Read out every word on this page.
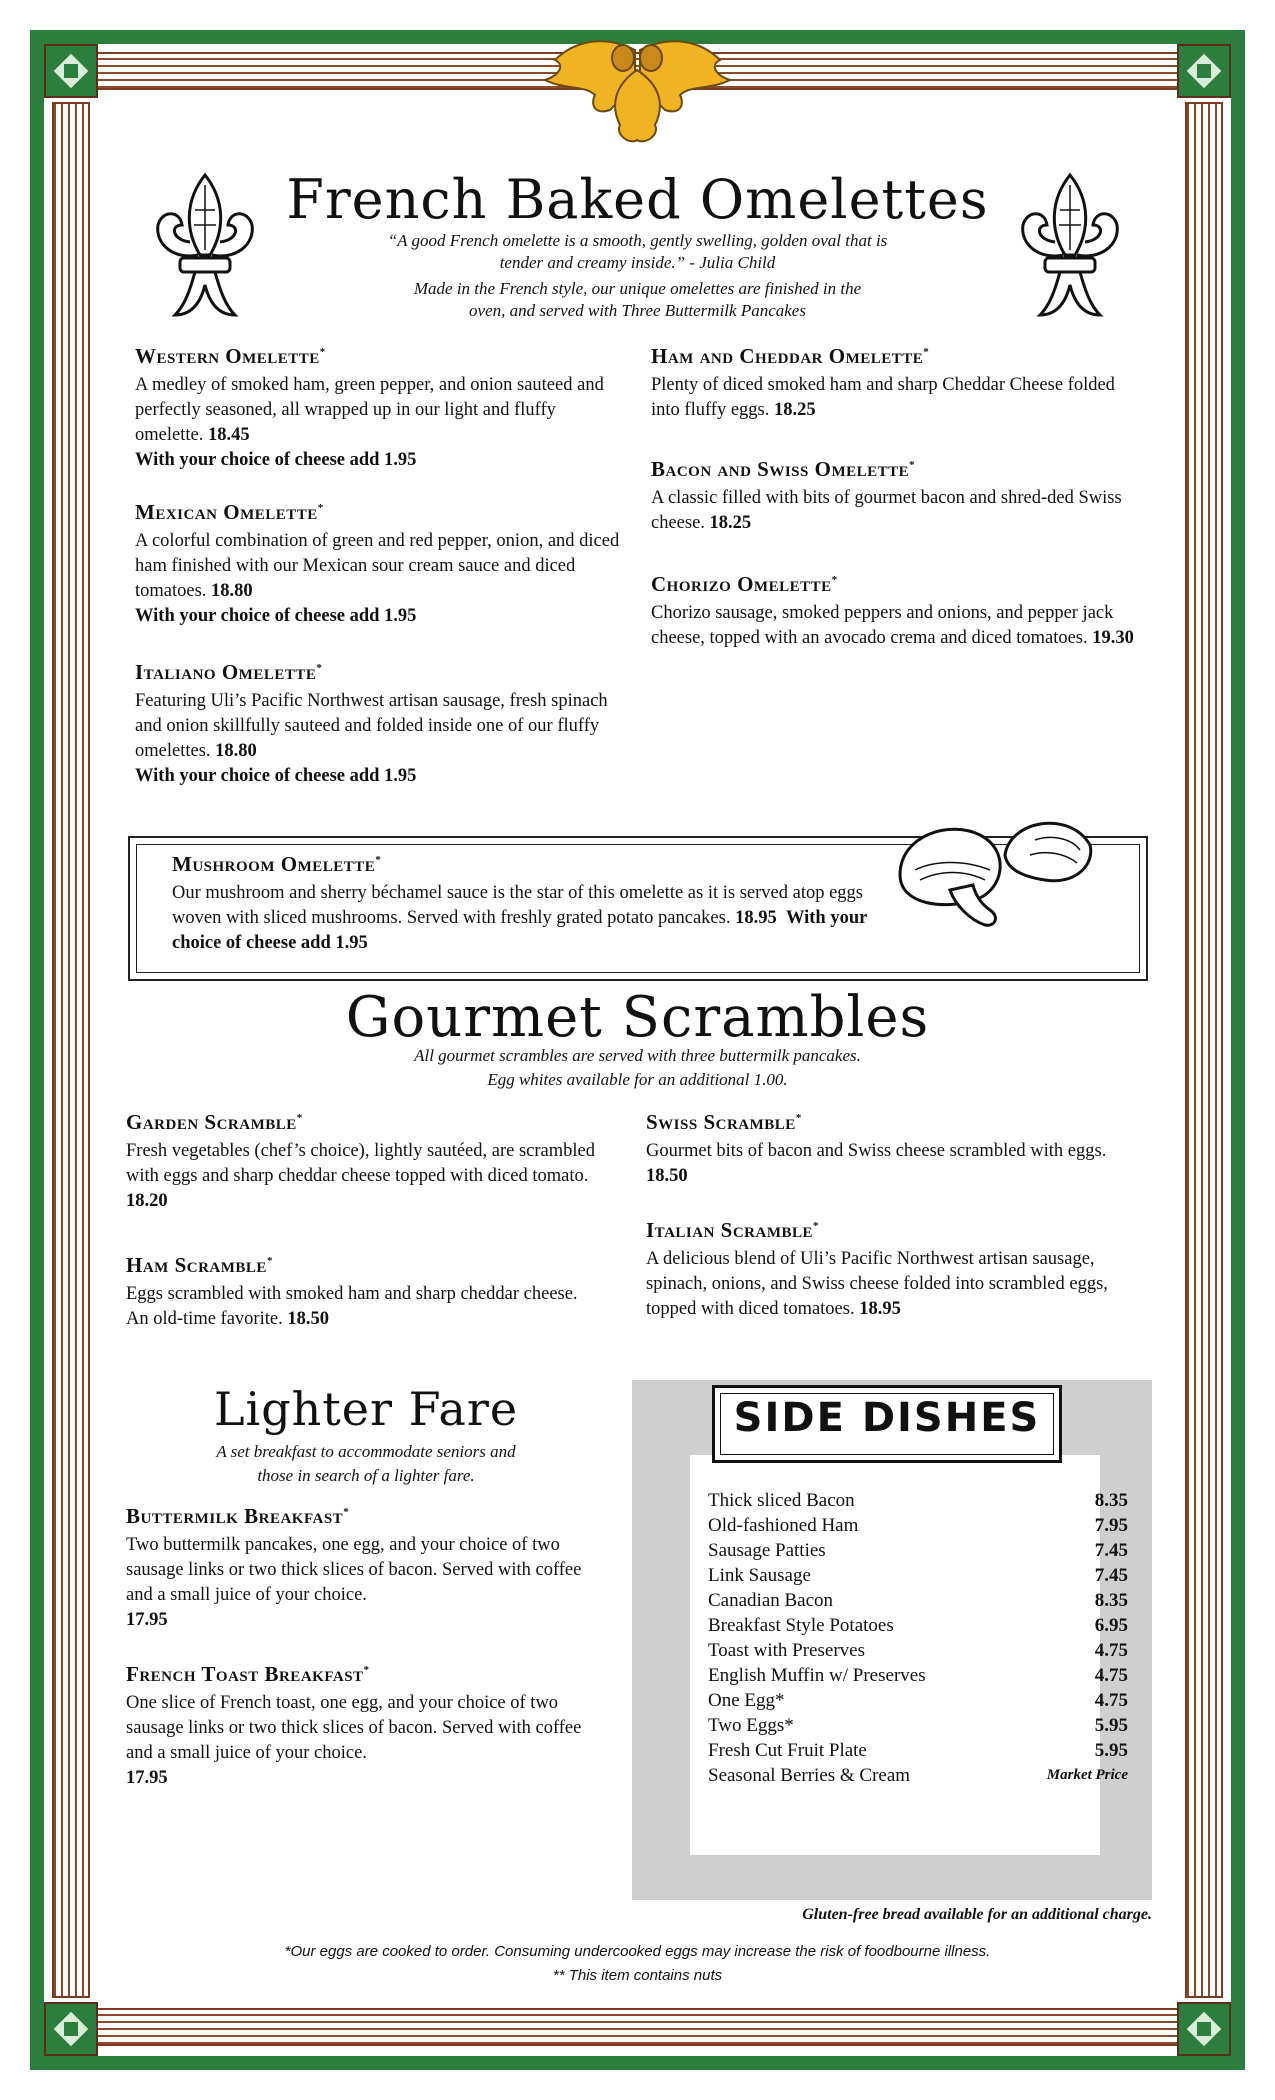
French Baked Omelettes
“A good French omelette is a smooth, gently swelling, golden oval that is tender and creamy inside.” - Julia Child
Made in the French style, our unique omelettes are finished in the oven, and served with Three Buttermilk Pancakes
Western Omelette*

A medley of smoked ham, green pepper, and onion sauteed and perfectly seasoned, all wrapped up in our light and fluffy omelette. 18.45
With your choice of cheese add 1.95

Mexican Omelette*

A colorful combination of green and red pepper, onion, and diced ham finished with our Mexican sour cream sauce and diced tomatoes. 18.80
With your choice of cheese add 1.95

Italiano Omelette*

Featuring Uli’s Pacific Northwest artisan sausage, fresh spinach and onion skillfully sauteed and folded inside one of our fluffy omelettes. 18.80
With your choice of cheese add 1.95

Ham and Cheddar Omelette*

Plenty of diced smoked ham and sharp Cheddar Cheese folded into fluffy eggs. 18.25

Bacon and Swiss Omelette*

A classic filled with bits of gourmet bacon and shred-ded Swiss cheese. 18.25

Chorizo Omelette*

Chorizo sausage, smoked peppers and onions, and pepper jack cheese, topped with an avocado crema and diced tomatoes. 19.30

Mushroom Omelette*

Our mushroom and sherry béchamel sauce is the star of this omelette as it is served atop eggs woven with sliced mushrooms. Served with freshly grated potato pancakes. 18.95 With your choice of cheese add 1.95

Gourmet Scrambles
All gourmet scrambles are served with three buttermilk pancakes.
Egg whites available for an additional 1.00.
Garden Scramble*

Fresh vegetables (chef’s choice), lightly sautéed, are scrambled with eggs and sharp cheddar cheese topped with diced tomato. 18.20

Ham Scramble*

Eggs scrambled with smoked ham and sharp cheddar cheese. An old-time favorite. 18.50

Swiss Scramble*

Gourmet bits of bacon and Swiss cheese scrambled with eggs. 18.50

Italian Scramble*

A delicious blend of Uli’s Pacific Northwest artisan sausage, spinach, onions, and Swiss cheese folded into scrambled eggs, topped with diced tomatoes. 18.95

Lighter Fare
A set breakfast to accommodate seniors and
those in search of a lighter fare.
Buttermilk Breakfast*

Two buttermilk pancakes, one egg, and your choice of two sausage links or two thick slices of bacon. Served with coffee and a small juice of your choice.
17.95

French Toast Breakfast*

One slice of French toast, one egg, and your choice of two sausage links or two thick slices of bacon. Served with coffee and a small juice of your choice.
17.95

SIDE DISHES
Thick sliced Bacon	8.35
Old-fashioned Ham	7.95
Sausage Patties	7.45
Link Sausage	7.45
Canadian Bacon	8.35
Breakfast Style Potatoes	6.95
Toast with Preserves	4.75
English Muffin w/ Preserves	4.75
One Egg*	4.75
Two Eggs*	5.95
Fresh Cut Fruit Plate	5.95
Seasonal Berries & Cream	Market Price
Gluten-free bread available for an additional charge.
*Our eggs are cooked to order. Consuming undercooked eggs may increase the risk of foodbourne illness.
** This item contains nuts
